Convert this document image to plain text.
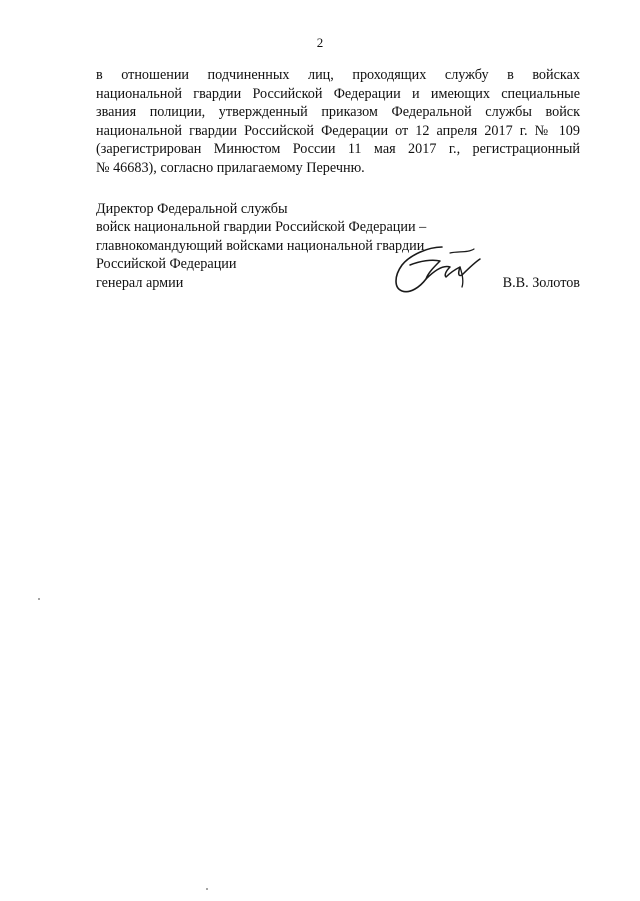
2
в отношении подчиненных лиц, проходящих службу в войсках
национальной гвардии Российской Федерации и имеющих специальные
звания полиции, утвержденный приказом Федеральной службы войск
национальной гвардии Российской Федерации от 12 апреля 2017 г. № 109
(зарегистрирован Минюстом России 11 мая 2017 г., регистрационный
№ 46683), согласно прилагаемому Перечню.
Директор Федеральной службы
войск национальной гвардии Российской Федерации –
главнокомандующий войсками национальной гвардии
Российской Федерации
генерал армии	В.В. Золотов
